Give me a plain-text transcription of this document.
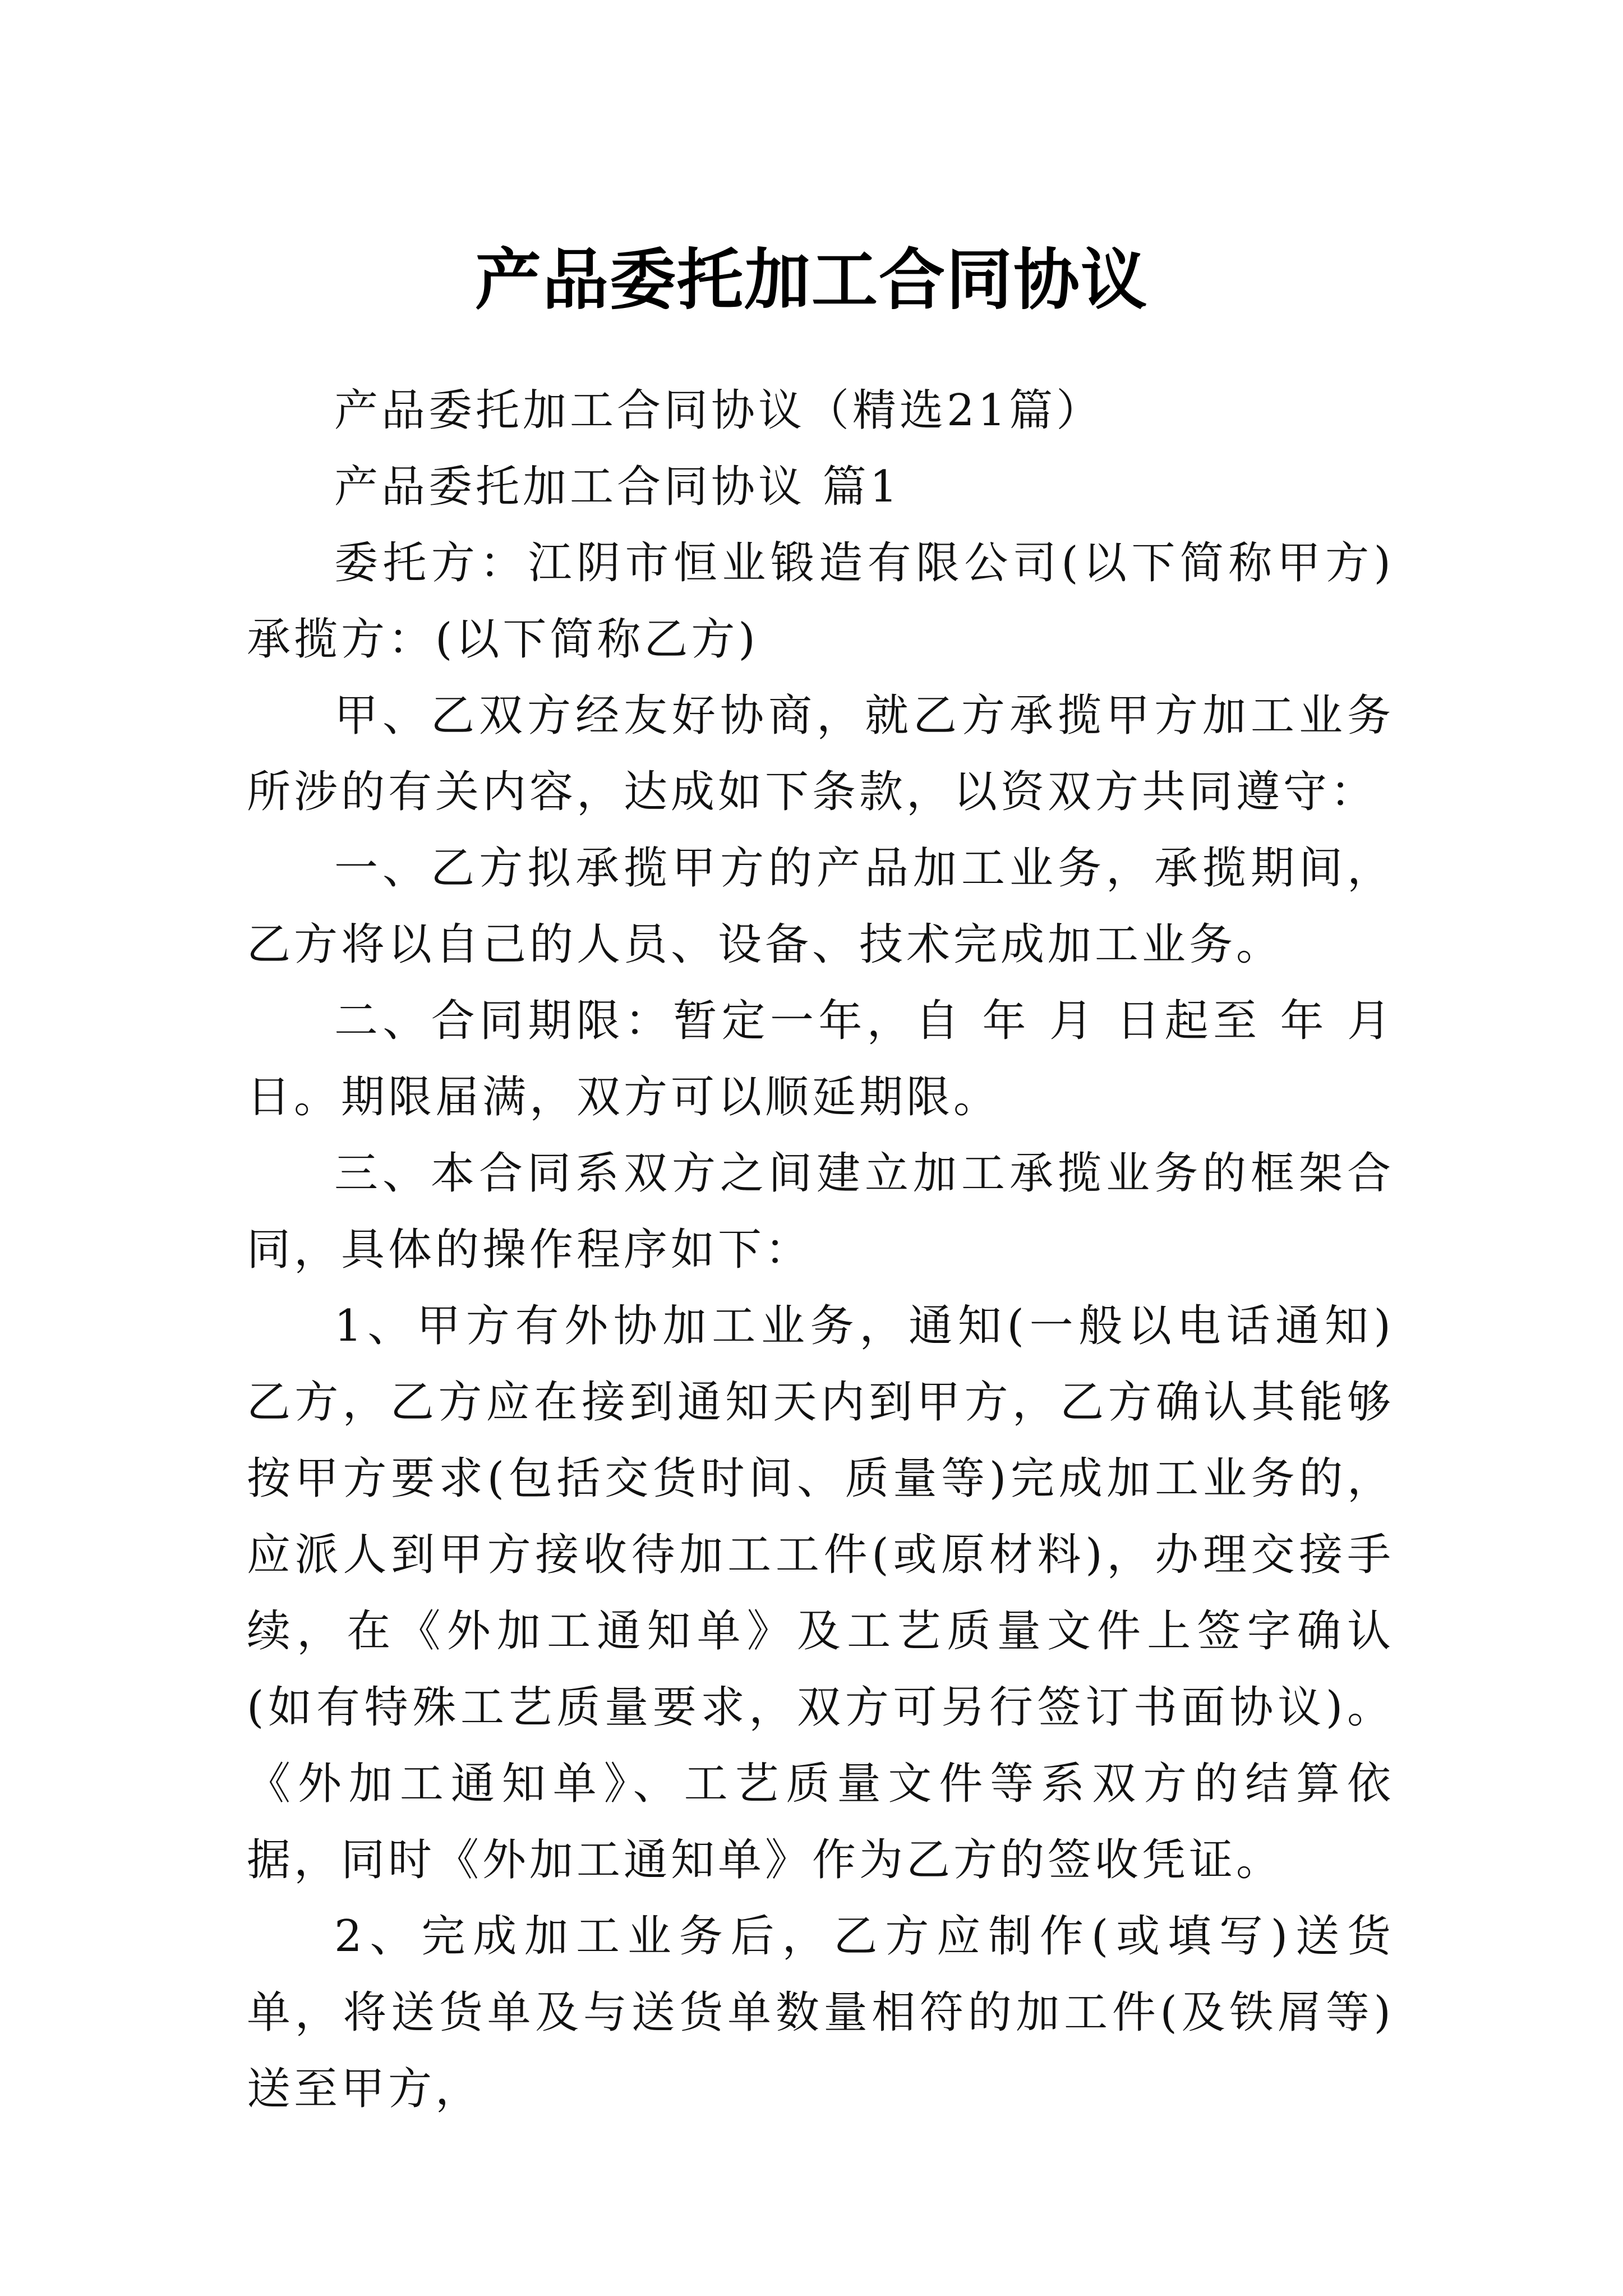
产品委托加工合同协议

产品委托加工合同协议（精选21篇）

产品委托加工合同协议 篇1

委托方：江阴市恒业锻造有限公司(以下简称甲方)承揽方：(以下简称乙方)

甲、乙双方经友好协商，就乙方承揽甲方加工业务所涉的有关内容，达成如下条款，以资双方共同遵守：

一、乙方拟承揽甲方的产品加工业务，承揽期间，乙方将以自己的人员、设备、技术完成加工业务。

二、合同期限：暂定一年，自 年 月 日起至 年 月 日。期限届满，双方可以顺延期限。

三、本合同系双方之间建立加工承揽业务的框架合同，具体的操作程序如下：

1、甲方有外协加工业务，通知(一般以电话通知)乙方，乙方应在接到通知天内到甲方，乙方确认其能够按甲方要求(包括交货时间、质量等)完成加工业务的，应派人到甲方接收待加工工件(或原材料)，办理交接手续，在《外加工通知单》及工艺质量文件上签字确认(如有特殊工艺质量要求，双方可另行签订书面协议)。《外加工通知单》、工艺质量文件等系双方的结算依据，同时《外加工通知单》作为乙方的签收凭证。

2、完成加工业务后，乙方应制作(或填写)送货单，将送货单及与送货单数量相符的加工件(及铁屑等)送至甲方，
